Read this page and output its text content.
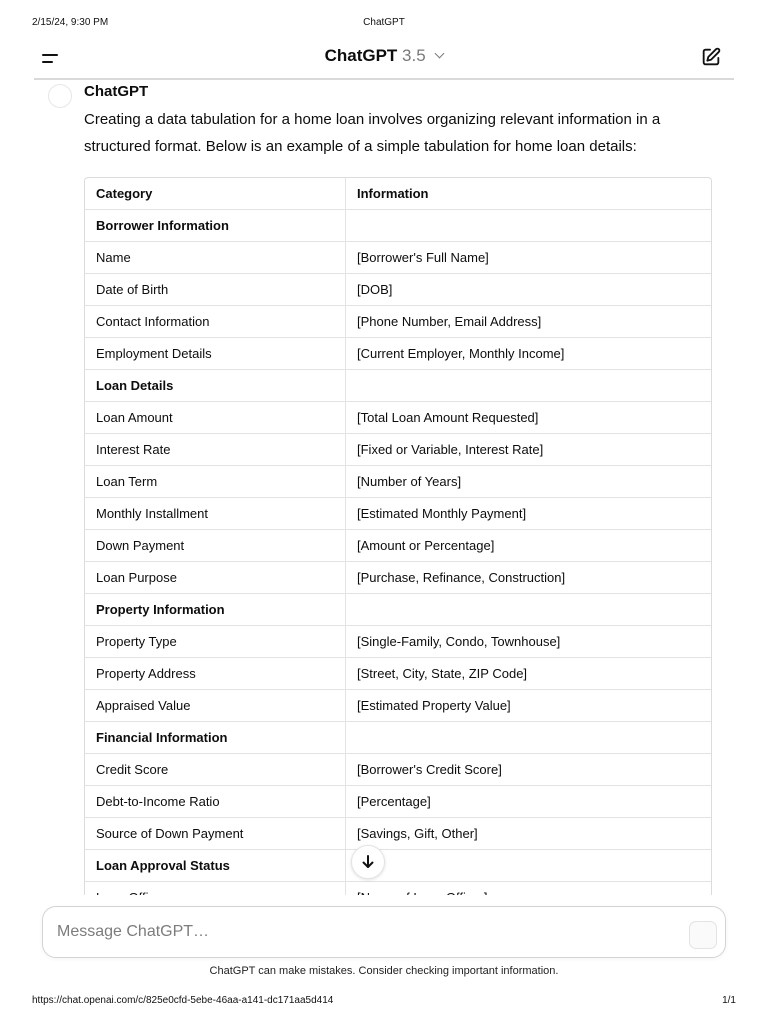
2/15/24, 9:30 PM	ChatGPT
ChatGPT 3.5
ChatGPT
Creating a data tabulation for a home loan involves organizing relevant information in a structured format. Below is an example of a simple tabulation for home loan details:
Category	Information
Borrower Information	
Name	[Borrower's Full Name]
Date of Birth	[DOB]
Contact Information	[Phone Number, Email Address]
Employment Details	[Current Employer, Monthly Income]
Loan Details	
Loan Amount	[Total Loan Amount Requested]
Interest Rate	[Fixed or Variable, Interest Rate]
Loan Term	[Number of Years]
Monthly Installment	[Estimated Monthly Payment]
Down Payment	[Amount or Percentage]
Loan Purpose	[Purchase, Refinance, Construction]
Property Information	
Property Type	[Single-Family, Condo, Townhouse]
Property Address	[Street, City, State, ZIP Code]
Appraised Value	[Estimated Property Value]
Financial Information	
Credit Score	[Borrower's Credit Score]
Debt-to-Income Ratio	[Percentage]
Source of Down Payment	[Savings, Gift, Other]
Loan Approval Status	

Message ChatGPT…
ChatGPT can make mistakes. Consider checking important information.
https://chat.openai.com/c/825e0cfd-5ebe-46aa-a141-dc171aa5d414	1/1
